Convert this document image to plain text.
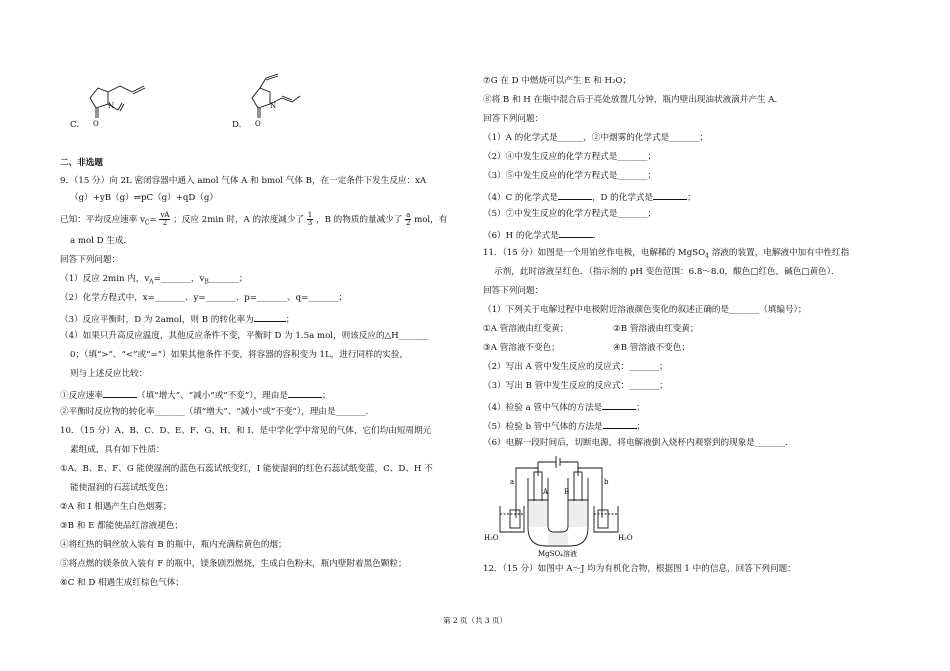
N
O
C.
N
O
D.
二、非选题
9．（15 分）向 2L 密闭容器中通入 amol 气体 A 和 bmol 气体 B，在一定条件下发生反应：xA
（g）+yB（g）⇌pC（g）+qD（g）
已知：平均反应速率 $v_C= \frac{vA}{2}$ ；反应 2min 时，A 的浓度减少了 $\frac{1}{3}$ ，B 的物质的量减少了 $\frac{a}{2}$ mol，有
a mol D 生成．
回答下列问题：
（1）反应 2min 内，$v_A=\_\_\_\_\_\_\_$，$v_B\_\_\_\_\_\_\_$；
（2）化学方程式中，x=_______、y=_______、p=_______、q=_______；
（3）反应平衡时，D 为 2amol，则 B 的转化率为	；
（4）如果只升高反应温度，其他反应条件不变，平衡时 D 为 1.5a mol，则该反应的△H_______
0；（填“>”、“<”或“=”）如果其他条件不变，将容器的容积变为 1L，进行同样的实验，
则与上述反应比较：
①反应速率	（填“增大”、“减小”或“不变”），理由是	；
②平衡时反应物的转化率_______（填“增大”、“减小”或“不变”），理由是_______．
10．（15 分）A、B、C、D、E、F、G、H、和 I、是中学化学中常见的气体，它们均由短周期元
素组成，具有如下性质：
①A、B、E、F、G 能使湿润的蓝色石蕊试纸变红，I 能使湿润的红色石蕊试纸变蓝，C、D、H 不
能使湿润的石蕊试纸变色；
②A 和 I 相遇产生白色烟雾；
③B 和 E 都能使品红溶液褪色；
④将红热的铜丝放入装有 B 的瓶中，瓶内充满棕黄色的烟；
⑤将点燃的镁条放入装有 F 的瓶中，镁条剧烈燃烧，生成白色粉末，瓶内壁附着黑色颗粒；
⑥C 和 D 相遇生成红棕色气体；
⑦G 在 D 中燃烧可以产生 E 和 H₂O；
⑧将 B 和 H 在瓶中混合后于亮处放置几分钟，瓶内壁出现油状液滴并产生 A．
回答下列问题：
（1）A 的化学式是______，②中烟雾的化学式是_______；
（2）④中发生反应的化学方程式是_______；
（3）⑤中发生反应的化学方程式是_______；
（4）C 的化学式是	，D 的化学式是	；
（5）⑦中发生反应的化学方程式是_______；
（6）H 的化学式是	．
11．（15 分）如图是一个用铂丝作电极，电解稀的 MgSO$_4$ 溶液的装置，电解液中加有中性红指
示剂，此时溶液呈红色．（指示剂的 pH 变色范围：6.8～8.0，酸色□红色，碱色□黄色）．
回答下列问题：
（1）下列关于电解过程中电极附近溶液颜色变化的叙述正确的是_______（填编号）；
①A 管溶液由红变黄；	②B 管溶液由红变黄；
③A 管溶液不变色；	④B 管溶液不变色；
（2）写出 A 管中发生反应的反应式：_______；
（3）写出 B 管中发生反应的反应式：_______；
（4）检验 a 管中气体的方法是	；
（5）检验 b 管中气体的方法是	；
（6）电解一段时间后，切断电源，将电解液倒入烧杯内观察到的现象是_______．
a	b
A B
H₂O	H₂O
MgSO₄溶液
12．（15 分）如图中 A～J 均为有机化合物，根据图 1 中的信息，回答下列问题：
第 2 页（共 3 页）
